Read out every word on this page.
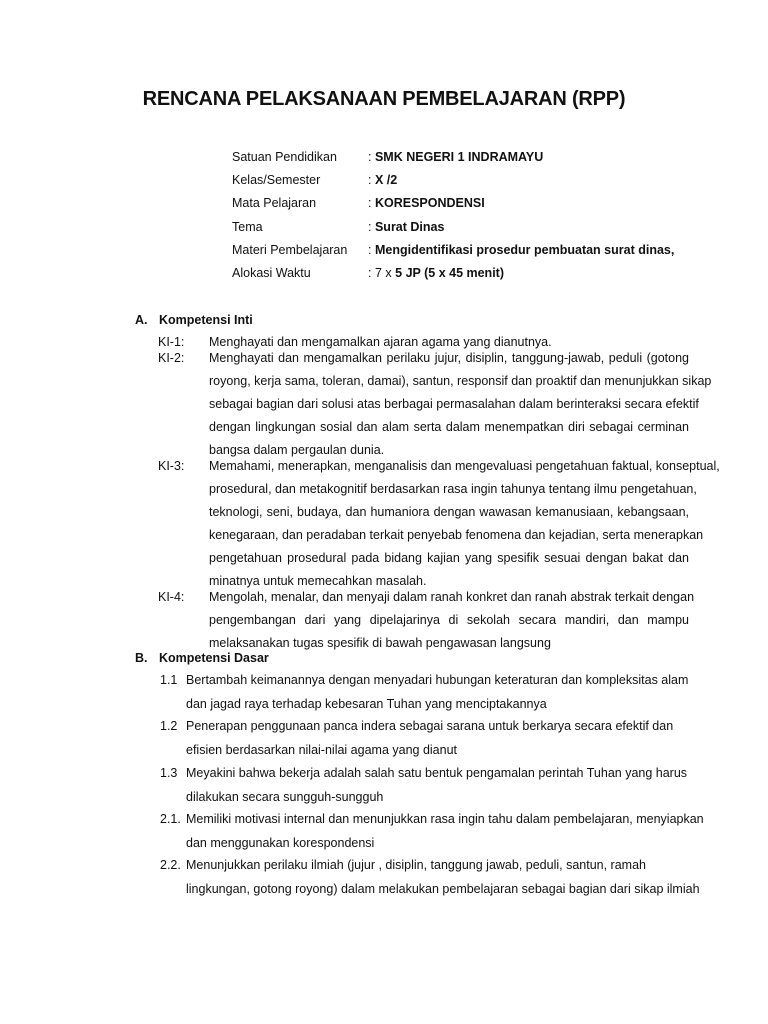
RENCANA PELAKSANAAN PEMBELAJARAN (RPP)
Satuan Pendidikan : SMK NEGERI 1 INDRAMAYU
Kelas/Semester	: X /2
Mata Pelajaran	: KORESPONDENSI
Tema	: Surat Dinas
Materi Pembelajaran : Mengidentifikasi prosedur pembuatan surat dinas,
Alokasi Waktu	: 7 x 5 JP (5 x 45 menit)
A. Kompetensi Inti
KI-1: Menghayati dan mengamalkan ajaran agama yang dianutnya.
KI-2: Menghayati dan mengamalkan perilaku jujur, disiplin, tanggung-jawab, peduli (gotong
royong, kerja sama, toleran, damai), santun, responsif dan proaktif dan menunjukkan sikap
sebagai bagian dari solusi atas berbagai permasalahan dalam berinteraksi secara efektif
dengan lingkungan sosial dan alam serta dalam menempatkan diri sebagai cerminan
bangsa dalam pergaulan dunia.
KI-3: Memahami, menerapkan, menganalisis dan mengevaluasi pengetahuan faktual, konseptual,
prosedural, dan metakognitif berdasarkan rasa ingin tahunya tentang ilmu pengetahuan,
teknologi, seni, budaya, dan humaniora dengan wawasan kemanusiaan, kebangsaan,
kenegaraan, dan peradaban terkait penyebab fenomena dan kejadian, serta menerapkan
pengetahuan prosedural pada bidang kajian yang spesifik sesuai dengan bakat dan
minatnya untuk memecahkan masalah.
KI-4: Mengolah, menalar, dan menyaji dalam ranah konkret dan ranah abstrak terkait dengan
pengembangan dari yang dipelajarinya di sekolah secara mandiri, dan mampu
melaksanakan tugas spesifik di bawah pengawasan langsung
B. Kompetensi Dasar
1.1 Bertambah keimanannya dengan menyadari hubungan keteraturan dan kompleksitas alam
dan jagad raya terhadap kebesaran Tuhan yang menciptakannya
1.2 Penerapan penggunaan panca indera sebagai sarana untuk berkarya secara efektif dan
efisien berdasarkan nilai-nilai agama yang dianut
1.3 Meyakini bahwa bekerja adalah salah satu bentuk pengamalan perintah Tuhan yang harus
dilakukan secara sungguh-sungguh
2.1. Memiliki motivasi internal dan menunjukkan rasa ingin tahu dalam pembelajaran, menyiapkan
dan menggunakan korespondensi
2.2. Menunjukkan perilaku ilmiah (jujur , disiplin, tanggung jawab, peduli, santun, ramah
lingkungan, gotong royong) dalam melakukan pembelajaran sebagai bagian dari sikap ilmiah
